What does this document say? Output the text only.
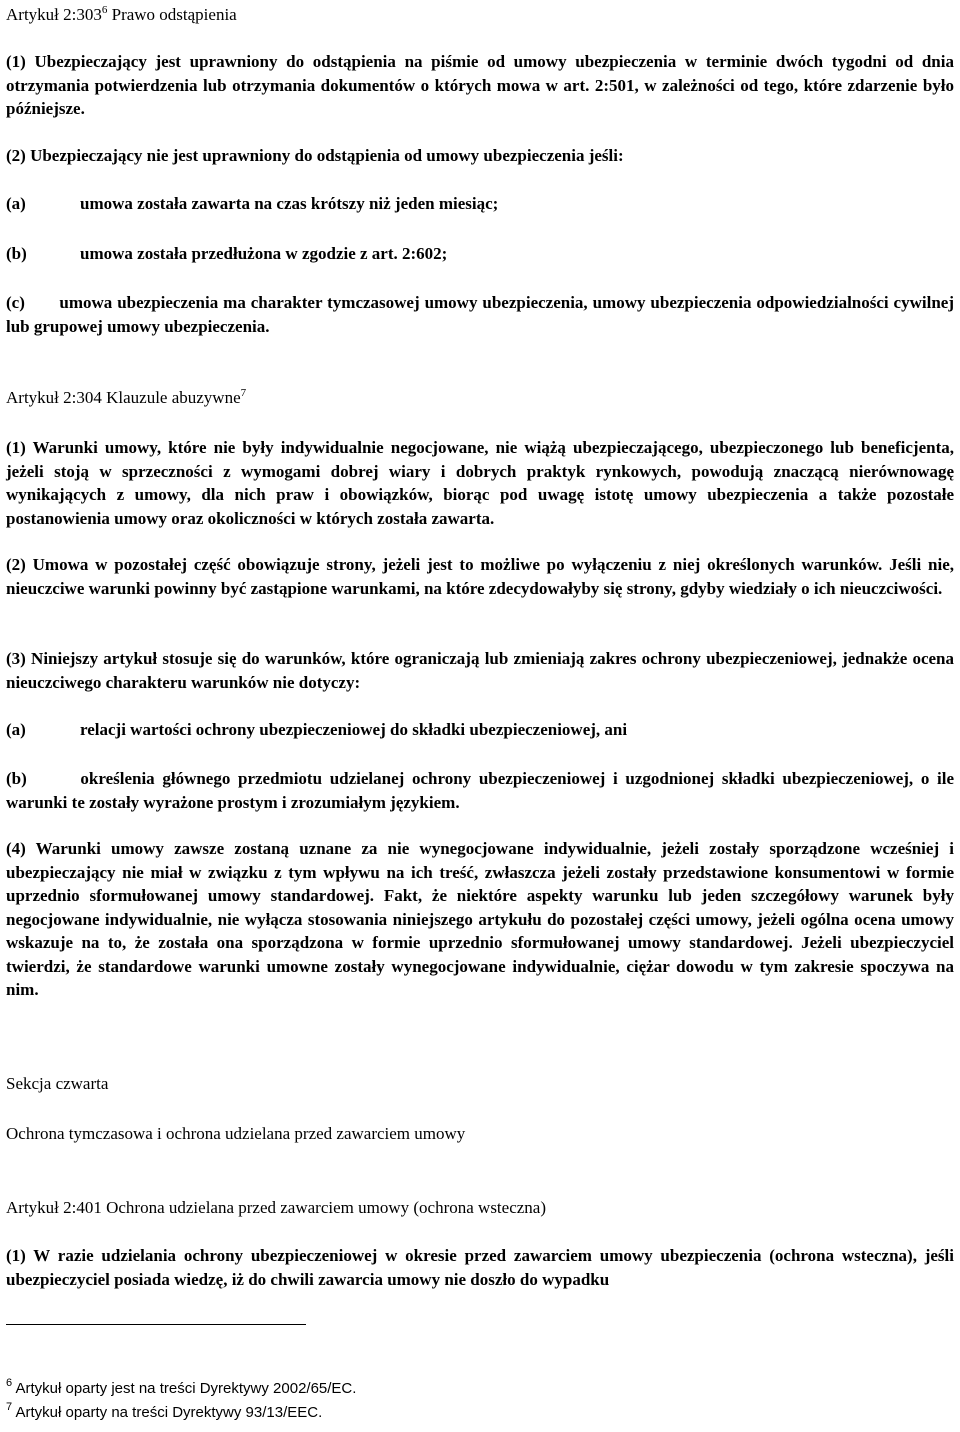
Artykuł $2:303^6$ Prawo odstąpienia
(1) Ubezpieczający jest uprawniony do odstąpienia na piśmie od umowy ubezpieczenia w terminie dwóch tygodni od dnia otrzymania potwierdzenia lub otrzymania dokumentów o których mowa w art. 2:501, w zależności od tego, które zdarzenie było późniejsze.
(2) Ubezpieczający nie jest uprawniony do odstąpienia od umowy ubezpieczenia jeśli:
(a)	umowa została zawarta na czas krótszy niż jeden miesiąc;
(b)	umowa została przedłużona w zgodzie z art. 2:602;
(c)       umowa ubezpieczenia ma charakter tymczasowej umowy ubezpieczenia, umowy ubezpieczenia odpowiedzialności cywilnej lub grupowej umowy ubezpieczenia.
Artykuł 2:304 Klauzule abuzywne$^7$
(1) Warunki umowy, które nie były indywidualnie negocjowane, nie wiążą ubezpieczającego, ubezpieczonego lub beneficjenta, jeżeli stoją w sprzeczności z wymogami dobrej wiary i dobrych praktyk rynkowych, powodują znaczącą nierównowagę wynikających z umowy, dla nich praw i obowiązków, biorąc pod uwagę istotę umowy ubezpieczenia a także pozostałe postanowienia umowy oraz okoliczności w których została zawarta.
(2) Umowa w pozostałej część obowiązuje strony, jeżeli jest to możliwe po wyłączeniu z niej określonych warunków. Jeśli nie, nieuczciwe warunki powinny być zastąpione warunkami, na które zdecydowałyby się strony, gdyby wiedziały o ich nieuczciwości.
(3) Niniejszy artykuł stosuje się do warunków, które ograniczają lub zmieniają zakres ochrony ubezpieczeniowej, jednakże ocena nieuczciwego charakteru warunków nie dotyczy:
(a)	relacji wartości ochrony ubezpieczeniowej do składki ubezpieczeniowej, ani
(b)       określenia głównego przedmiotu udzielanej ochrony ubezpieczeniowej i uzgodnionej składki ubezpieczeniowej, o ile warunki te zostały wyrażone prostym i zrozumiałym językiem.
(4) Warunki umowy zawsze zostaną uznane za nie wynegocjowane indywidualnie, jeżeli zostały sporządzone wcześniej i ubezpieczający nie miał w związku z tym wpływu na ich treść, zwłaszcza jeżeli zostały przedstawione konsumentowi w formie uprzednio sformułowanej umowy standardowej. Fakt, że niektóre aspekty warunku lub jeden szczegółowy warunek były negocjowane indywidualnie, nie wyłącza stosowania niniejszego artykułu do pozostałej części umowy, jeżeli ogólna ocena umowy wskazuje na to, że została ona sporządzona w formie uprzednio sformułowanej umowy standardowej. Jeżeli ubezpieczyciel twierdzi, że standardowe warunki umowne zostały wynegocjowane indywidualnie, ciężar dowodu w tym zakresie spoczywa na nim.
Sekcja czwarta
Ochrona tymczasowa i ochrona udzielana przed zawarciem umowy
Artykuł 2:401 Ochrona udzielana przed zawarciem umowy (ochrona wsteczna)
(1) W razie udzielania ochrony ubezpieczeniowej w okresie przed zawarciem umowy ubezpieczenia (ochrona wsteczna), jeśli ubezpieczyciel posiada wiedzę, iż do chwili zawarcia umowy nie doszło do wypadku
$^6$ Artykuł oparty jest na treści Dyrektywy 2002/65/EC.
$^7$ Artykuł oparty na treści Dyrektywy 93/13/EEC.
